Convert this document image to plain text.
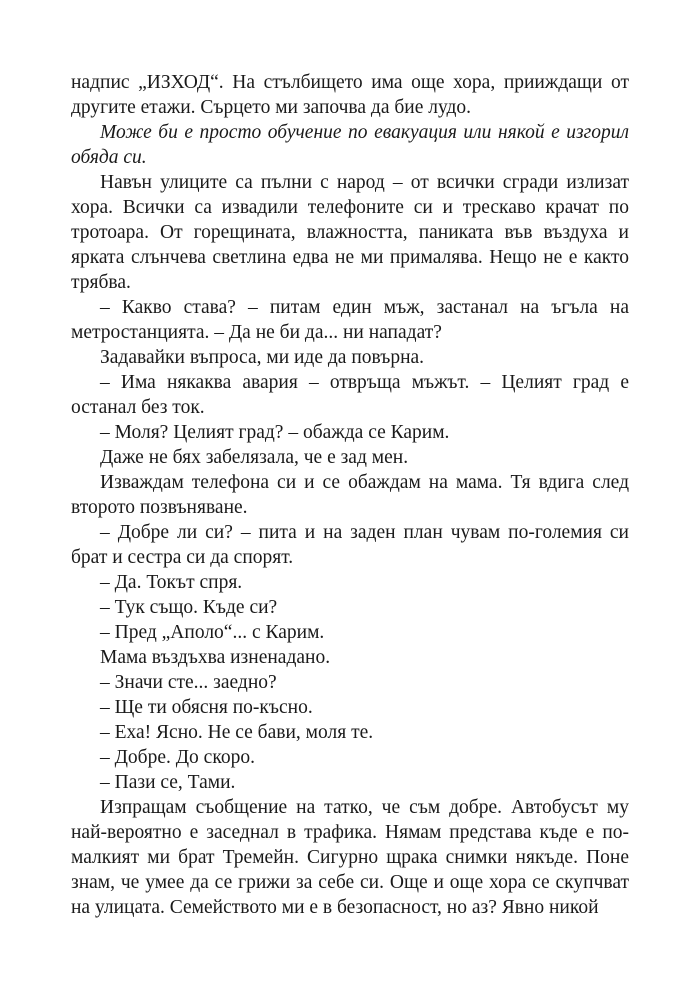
надпис „ИЗХОД“. На стълбището има още хора, прииждащи от другите етажи. Сърцето ми започва да бие лудо.

Може би е просто обучение по евакуация или някой е изгорил обяда си.

Навън улиците са пълни с народ – от всички сгради излизат хора. Всички са извадили телефоните си и трескаво крачат по тротоара. От горещината, влажността, паниката във въздуха и ярката слънчева светлина едва не ми прималява. Нещо не е както трябва.

– Какво става? – питам един мъж, застанал на ъгъла на метростанцията. – Да не би да... ни нападат?

Задавайки въпроса, ми иде да повърна.

– Има някаква авария – отвръща мъжът. – Целият град е останал без ток.

– Моля? Целият град? – обажда се Карим.

Даже не бях забелязала, че е зад мен.

Изваждам телефона си и се обаждам на мама. Тя вдига след второто позвъняване.

– Добре ли си? – пита и на заден план чувам по-големия си брат и сестра си да спорят.

– Да. Токът спря.

– Тук също. Къде си?

– Пред „Аполо“... с Карим.

Мама въздъхва изненадано.

– Значи сте... заедно?

– Ще ти обясня по-късно.

– Еха! Ясно. Не се бави, моля те.

– Добре. До скоро.

– Пази се, Тами.

Изпращам съобщение на татко, че съм добре. Автобусът му най-вероятно е заседнал в трафика. Нямам представа къде е по-малкият ми брат Тремейн. Сигурно щрака снимки някъде. Поне знам, че умее да се грижи за себе си. Още и още хора се скупчват на улицата. Семейството ми е в безопасност, но аз? Явно никой
